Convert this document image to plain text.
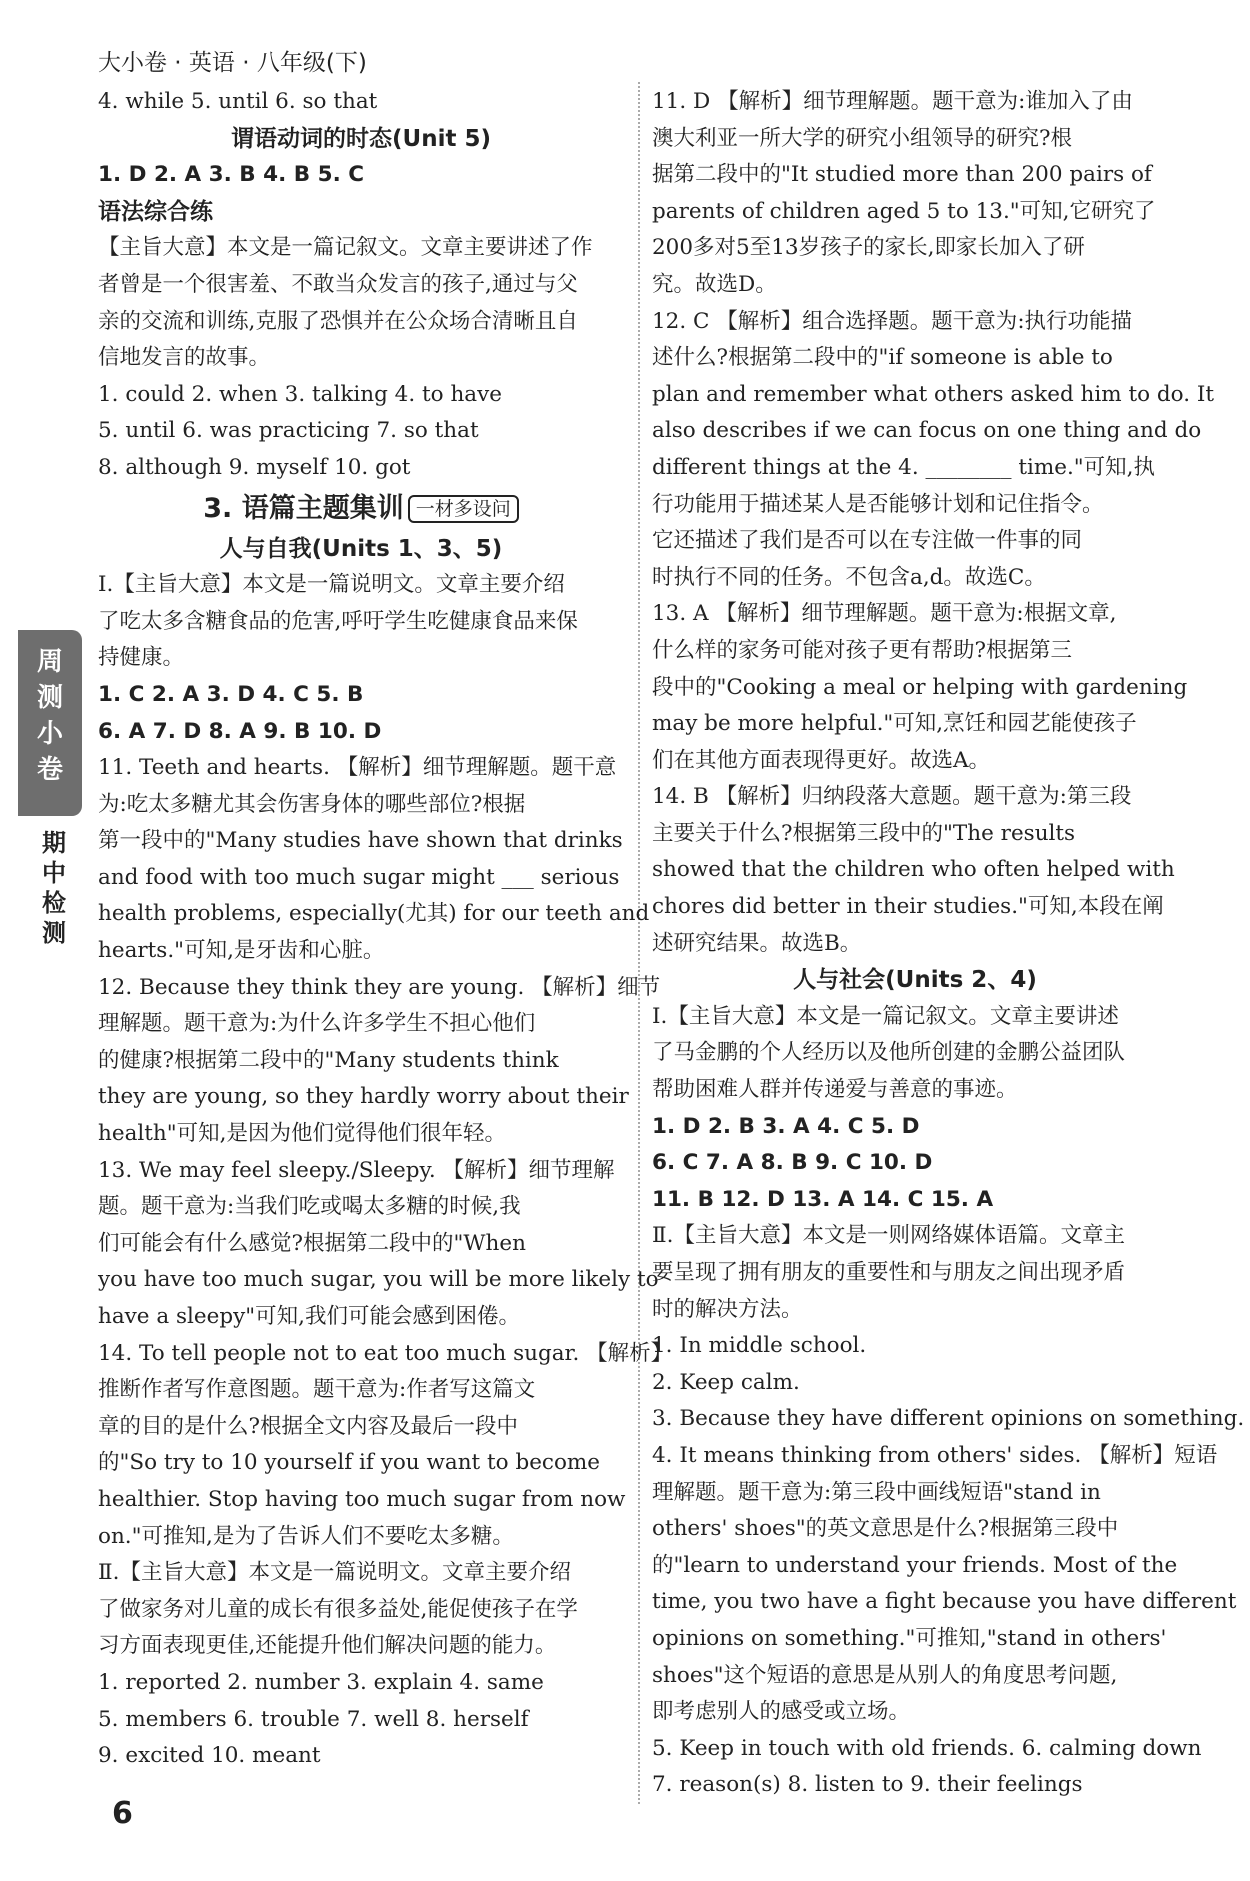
大小卷 · 英语 · 八年级(下)
周测小卷
期中检测
4. while 5. until 6. so that
谓语动词的时态(Unit 5)
1. D 2. A 3. B 4. B 5. C
语法综合练
【主旨大意】本文是一篇记叙文。文章主要讲述了作
者曾是一个很害羞、不敢当众发言的孩子,通过与父
亲的交流和训练,克服了恐惧并在公众场合清晰且自
信地发言的故事。
1. could 2. when 3. talking 4. to have
5. until 6. was practicing 7. so that
8. although 9. myself 10. got
3. 语篇主题集训 一材多设问
人与自我(Units 1、3、5)
Ⅰ.【主旨大意】本文是一篇说明文。文章主要介绍
了吃太多含糖食品的危害,呼吁学生吃健康食品来保
持健康。
1. C 2. A 3. D 4. C 5. B
6. A 7. D 8. A 9. B 10. D
11. Teeth and hearts. 【解析】细节理解题。题干意
为:吃太多糖尤其会伤害身体的哪些部位?根据
第一段中的"Many studies have shown that drinks
and food with too much sugar might ___ serious
health problems, especially(尤其) for our teeth and
hearts."可知,是牙齿和心脏。
12. Because they think they are young. 【解析】细节
理解题。题干意为:为什么许多学生不担心他们
的健康?根据第二段中的"Many students think
they are young, so they hardly worry about their
health"可知,是因为他们觉得他们很年轻。
13. We may feel sleepy./Sleepy. 【解析】细节理解
题。题干意为:当我们吃或喝太多糖的时候,我
们可能会有什么感觉?根据第二段中的"When
you have too much sugar, you will be more likely to
have a sleepy"可知,我们可能会感到困倦。
14. To tell people not to eat too much sugar. 【解析】
推断作者写作意图题。题干意为:作者写这篇文
章的目的是什么?根据全文内容及最后一段中
的"So try to 10 yourself if you want to become
healthier. Stop having too much sugar from now
on."可推知,是为了告诉人们不要吃太多糖。
Ⅱ.【主旨大意】本文是一篇说明文。文章主要介绍
了做家务对儿童的成长有很多益处,能促使孩子在学
习方面表现更佳,还能提升他们解决问题的能力。
1. reported 2. number 3. explain 4. same
5. members 6. trouble 7. well 8. herself
9. excited 10. meant
11. D 【解析】细节理解题。题干意为:谁加入了由
澳大利亚一所大学的研究小组领导的研究?根
据第二段中的"It studied more than 200 pairs of
parents of children aged 5 to 13."可知,它研究了
200多对5至13岁孩子的家长,即家长加入了研
究。故选D。
12. C 【解析】组合选择题。题干意为:执行功能描
述什么?根据第二段中的"if someone is able to
plan and remember what others asked him to do. It
also describes if we can focus on one thing and do
different things at the 4. ________ time."可知,执
行功能用于描述某人是否能够计划和记住指令。
它还描述了我们是否可以在专注做一件事的同
时执行不同的任务。不包含a,d。故选C。
13. A 【解析】细节理解题。题干意为:根据文章,
什么样的家务可能对孩子更有帮助?根据第三
段中的"Cooking a meal or helping with gardening
may be more helpful."可知,烹饪和园艺能使孩子
们在其他方面表现得更好。故选A。
14. B 【解析】归纳段落大意题。题干意为:第三段
主要关于什么?根据第三段中的"The results
showed that the children who often helped with
chores did better in their studies."可知,本段在阐
述研究结果。故选B。
人与社会(Units 2、4)
Ⅰ.【主旨大意】本文是一篇记叙文。文章主要讲述
了马金鹏的个人经历以及他所创建的金鹏公益团队
帮助困难人群并传递爱与善意的事迹。
1. D 2. B 3. A 4. C 5. D
6. C 7. A 8. B 9. C 10. D
11. B 12. D 13. A 14. C 15. A
Ⅱ.【主旨大意】本文是一则网络媒体语篇。文章主
要呈现了拥有朋友的重要性和与朋友之间出现矛盾
时的解决方法。
1. In middle school.
2. Keep calm.
3. Because they have different opinions on something.
4. It means thinking from others' sides. 【解析】短语
理解题。题干意为:第三段中画线短语"stand in
others' shoes"的英文意思是什么?根据第三段中
的"learn to understand your friends. Most of the
time, you two have a fight because you have different
opinions on something."可推知,"stand in others'
shoes"这个短语的意思是从别人的角度思考问题,
即考虑别人的感受或立场。
5. Keep in touch with old friends. 6. calming down
7. reason(s) 8. listen to 9. their feelings
6
